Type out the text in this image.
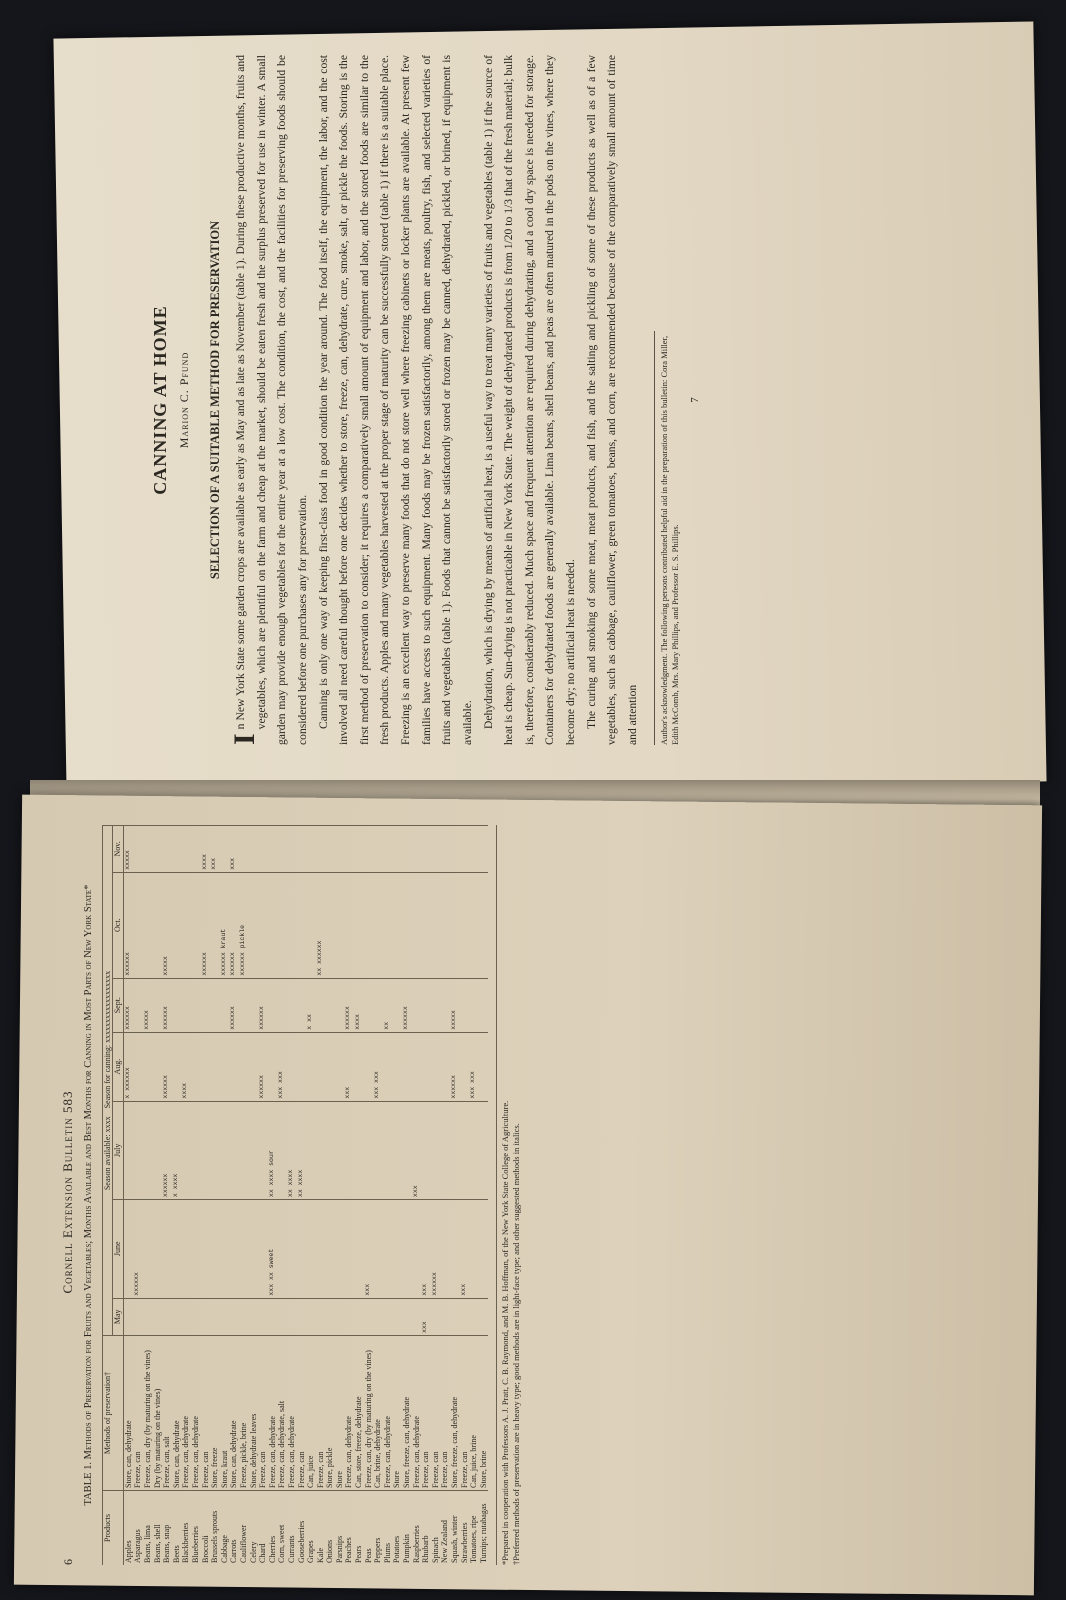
CANNING AT HOME Marion C. Pfund SELECTION OF A SUITABLE METHOD FOR PRESERVATION

I
n New York State some garden crops are available as early as May and as late as November (table 1). During these productive months, fruits and vegetables, which are plentiful on the farm and cheap at the market, should be eaten fresh and the surplus preserved for use in winter. A small garden may provide enough vegetables for the entire year at a low cost. The condition, the cost, and the facilities for preserving foods should be considered before one purchases any for preservation. Canning is only one way of keeping first-class food in good condition the year around. The food itself, the equipment, the labor, and the cost involved all need careful thought before one decides whether to store, freeze, can, dehydrate, cure, smoke, salt, or pickle the foods. Storing is the first method of preservation to consider; it requires a comparatively small amount of equipment and labor, and the stored foods are similar to the fresh products. Apples and many vegetables harvested at the proper stage of maturity can be successfully stored (table 1) if there is a suitable place. Freezing is an excellent way to preserve many foods that do not store well where freezing cabinets or locker plants are available. At present few families have access to such equipment. Many foods may be frozen satisfactorily, among them are meats, poultry, fish, and selected varieties of fruits and vegetables (table 1). Foods that cannot be satisfactorily stored or frozen may be canned, dehydrated, pickled, or brined, if equipment is available. Dehydration, which is drying by means of artificial heat, is a useful way to treat many varieties of fruits and vegetables (table 1) if the source of heat is cheap. Sun-drying is not practicable in New York State. The weight of dehydrated products is from 1/20 to 1/3 that of the fresh material; bulk is, therefore, considerably reduced. Much space and frequent attention are required during dehydrating, and a cool dry space is needed for storage. Containers for dehydrated foods are generally available. Lima beans, shell beans, and peas are often matured in the pods on the vines, where they become dry; no artificial heat is needed. The curing and smoking of some meat, meat products, and fish, and the salting and pickling of some of these products as well as of a few vegetables, such as cabbage, cauliflower, green tomatoes, beans, and corn, are recommended because of the comparatively small amount of time and attention	Author's acknowledgment. The following persons contributed helpful aid in the preparation of this bulletin: Cora Miller, Edith McComb, Mrs. Mary Phillips, and Professor E. S. Phillips.
7
6
Cornell Extension Bulletin 583 TABLE 1. Methods of Preservation for Fruits and Vegetables; Months Available and Best Months for Canning in Most Parts of New York State*
Products	Methods of preservation†	Season available: xxxx    Season for canning: xxxxxxxxxxxxxxxxxx						
		May	June	July	Aug.	Sept.	Oct.	Nov.
Apples	Store, can, dehydrate				x xxxxxx	xxxxxx	xxxxxx	xxxxx
Asparagus	Freeze, can		xxxxxx					
Beans, lima	Freeze, can, dry (by maturing on the vines)					xxxxx		
Beans, shell	Dry (by maturing on the vines)							
Beans, snap	Freeze, can, salt			xxxxxx	xxxxxx	xxxxxx	xxxxx	
Beets	Store, can, dehydrate			x xxxx				
Blackberries	Freeze, can, dehydrate				xxxx			
Blueberries	Freeze, can, dehydrate							
Broccoli	Freeze, can						xxxxxx	xxxx
Brussels sprouts	Store, freeze							xxx
Cabbage	Store, kraut						xxxxxx kraut	
Carrots	Store, can, dehydrate					xxxxxx	xxxxxx	xxx
Cauliflower	Freeze, pickle, brine						xxxxxx pickle	
Celery	Store, dehydrate leaves							
Chard	Freeze, can				xxxxxx	xxxxxx		
Cherries	Freeze, can, dehydrate		xxx xx sweet	xx xxxx sour				
Corn, sweet	Freeze, can, dehydrate, salt				xxx xxx			
Currants	Freeze, can, dehydrate			xx xxxx				
Gooseberries	Freeze, can			xx xxxx				
Grapes	Can, juice					x xx		
Kale	Freeze, can						xx xxxxxx	
Onions	Store, pickle							
Parsnips	Store							
Peaches	Freeze, can, dehydrate				xxx	xxxxxx		
Pears	Can, store, freeze, dehydrate					xxxx		
Peas	Freeze, can, dry (by maturing on the vines)		xxx					
Peppers	Can, brine, dehydrate				xxx xxx			
Plums	Freeze, can, dehydrate					xx		
Potatoes	Store							
Pumpkin	Store, freeze, can, dehydrate					xxxxxx		
Raspberries	Freeze, can, dehydrate			xxx				
Rhubarb	Freeze, can	xxx	xxx					
Spinach	Freeze, can		xxxxxx					
New Zealand	Freeze, can							
Squash, winter	Store, freeze, can, dehydrate				xxxxxx	xxxxx		
Strawberries	Freeze, can		xxx					
Tomatoes, ripe	Can, juice, brine				xxx xxx			
Turnips; rutabagas	Store, brine							*Prepared in cooperation with Professors A. J. Pratt, C. B. Raymond, and M. B. Hoffman, of the New York State College of Agriculture. †Preferred methods of preservation are in heavy type; good methods are in light-face type; and other suggested methods in italics.
